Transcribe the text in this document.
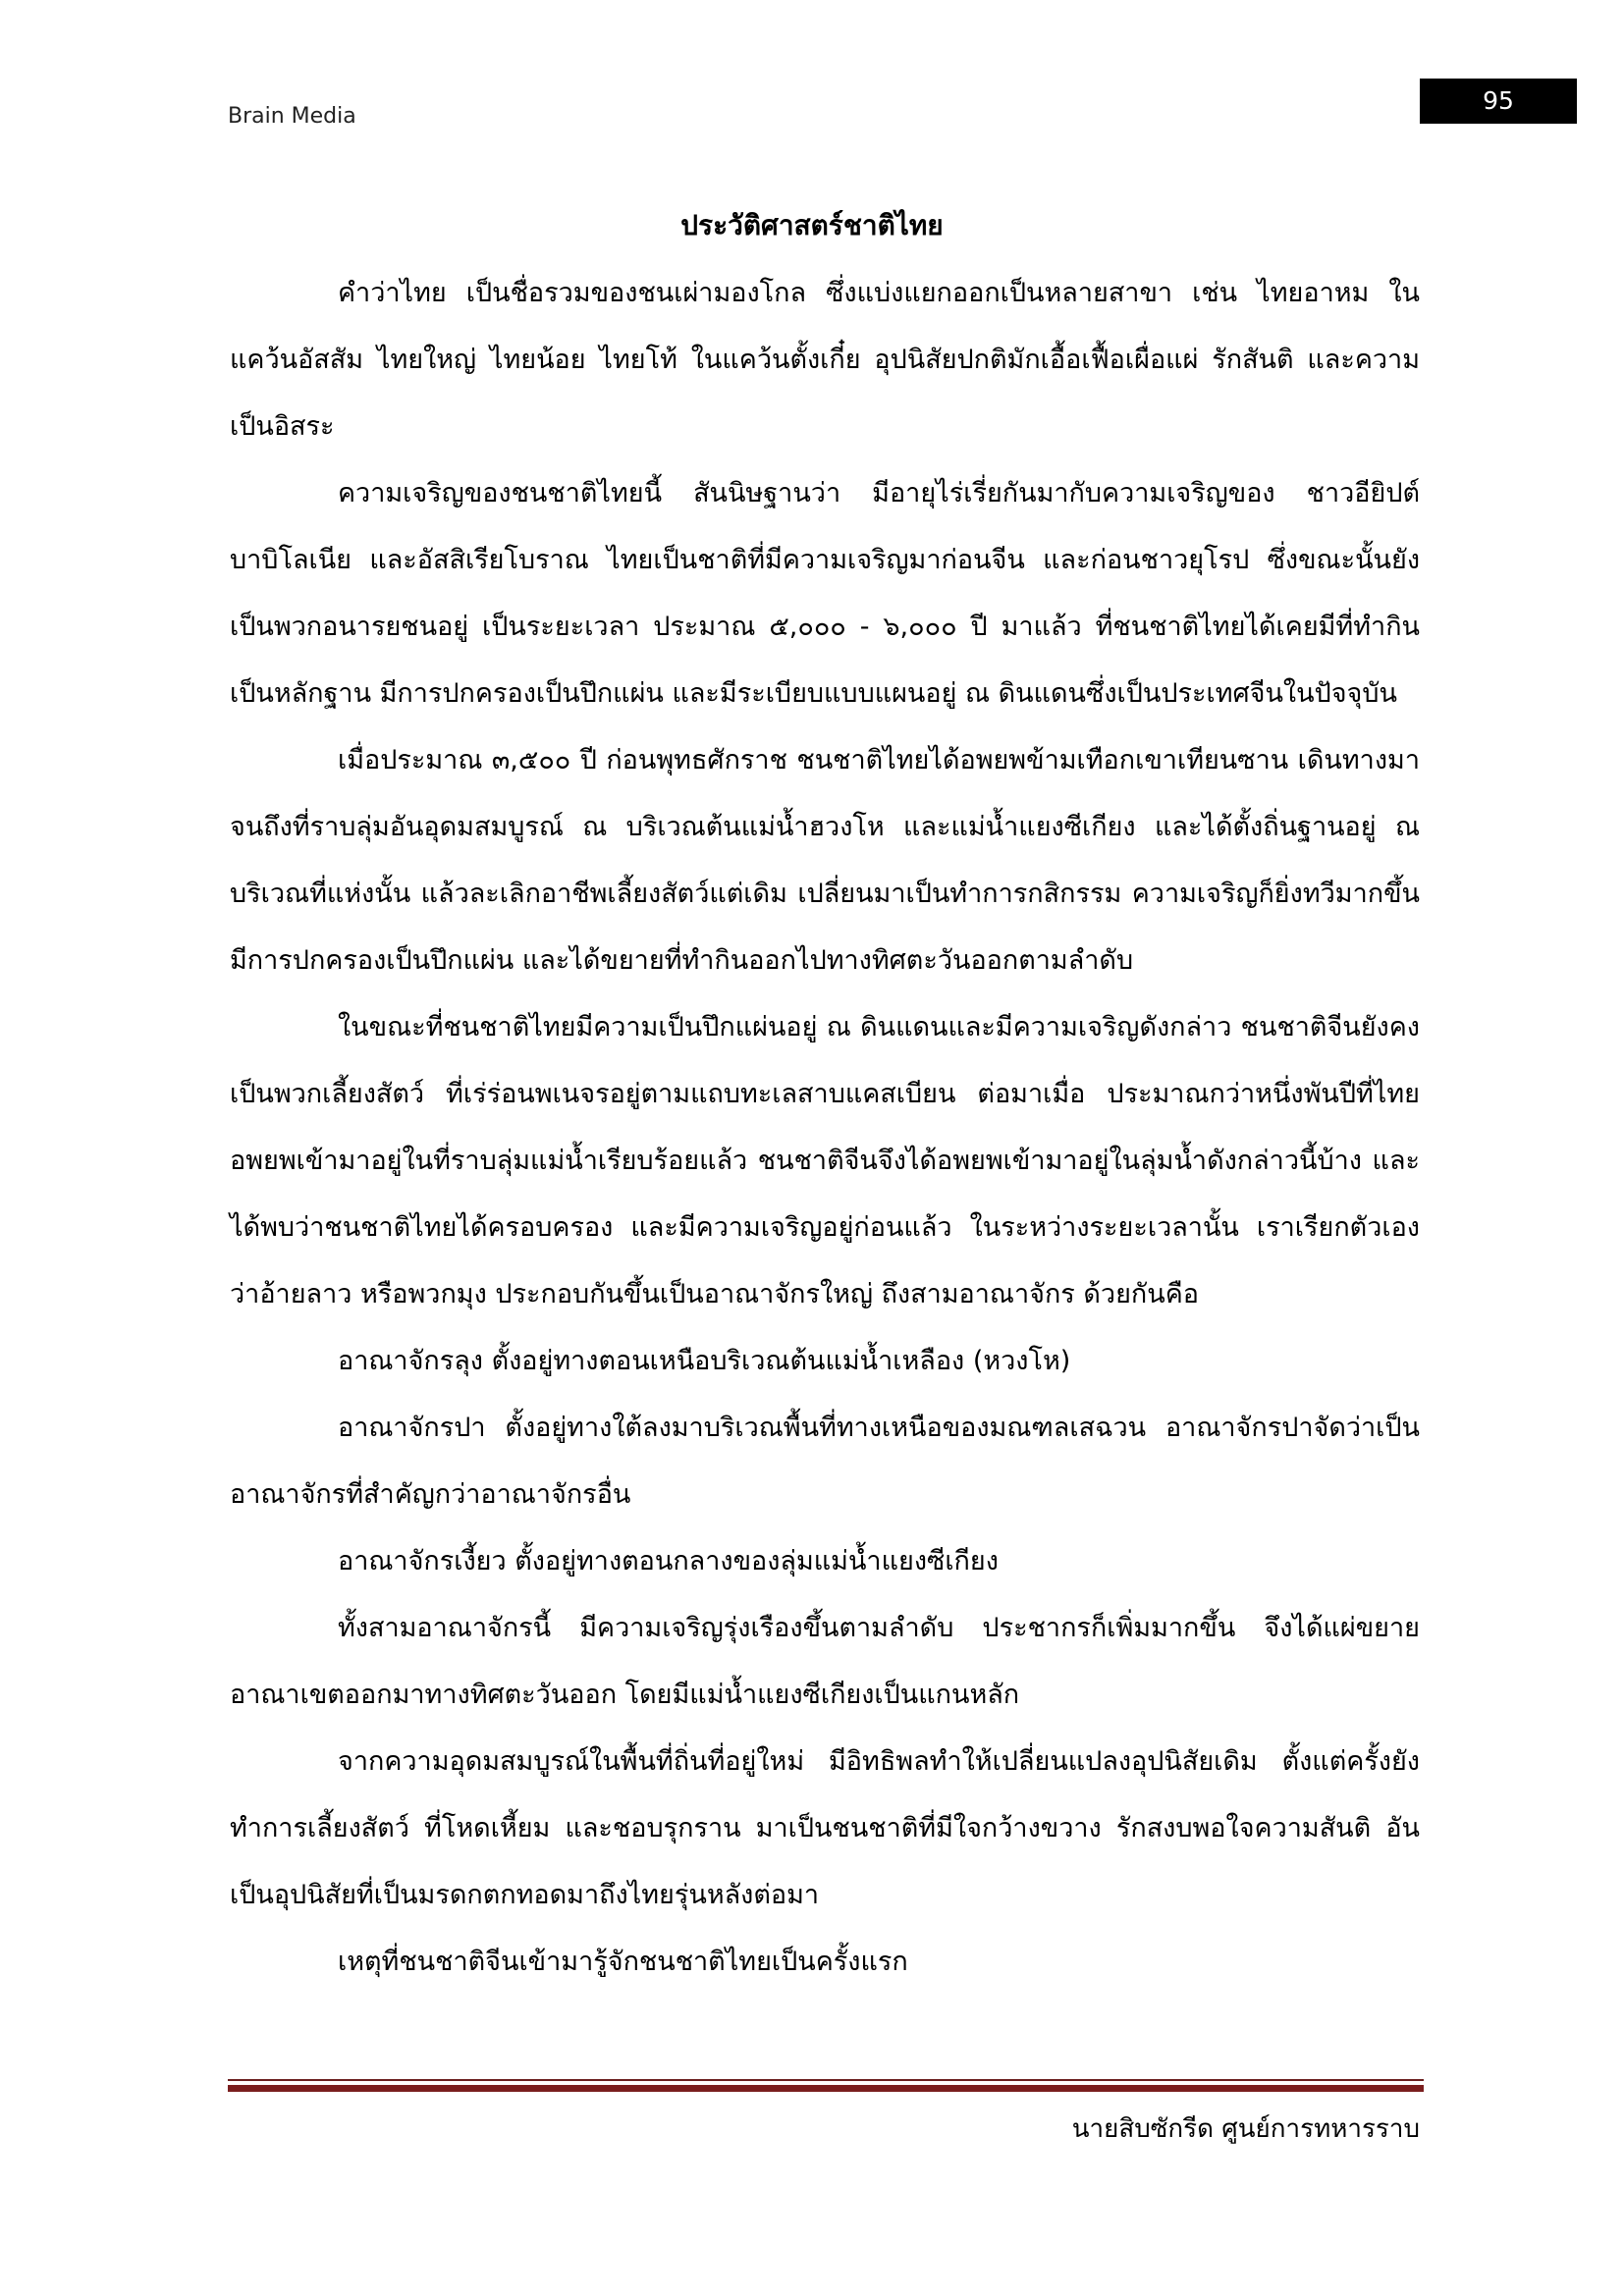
Brain Media
95
ประวัติศาสตร์ชาติไทย

คำว่าไทย เป็นชื่อรวมของชนเผ่ามองโกล ซึ่งแบ่งแยกออกเป็นหลายสาขา เช่น ไทยอาหม ในแคว้นอัสสัม ไทยใหญ่ ไทยน้อย ไทยโท้ ในแคว้นตั้งเกี๋ย อุปนิสัยปกติมักเอื้อเฟื้อเผื่อแผ่ รักสันติ และความเป็นอิสระ

ความเจริญของชนชาติไทยนี้ สันนิษฐานว่า มีอายุไร่เรี่ยกันมากับความเจริญของ ชาวอียิปต์บาบิโลเนีย และอัสสิเรียโบราณ ไทยเป็นชาติที่มีความเจริญมาก่อนจีน และก่อนชาวยุโรป ซึ่งขณะนั้นยังเป็นพวกอนารยชนอยู่ เป็นระยะเวลา ประมาณ ๕,๐๐๐ - ๖,๐๐๐ ปี มาแล้ว ที่ชนชาติไทยได้เคยมีที่ทำกินเป็นหลักฐาน มีการปกครองเป็นปึกแผ่น และมีระเบียบแบบแผนอยู่ ณ ดินแดนซึ่งเป็นประเทศจีนในปัจจุบัน

เมื่อประมาณ ๓,๕๐๐ ปี ก่อนพุทธศักราช ชนชาติไทยได้อพยพข้ามเทือกเขาเทียนซาน เดินทางมาจนถึงที่ราบลุ่มอันอุดมสมบูรณ์ ณ บริเวณต้นแม่น้ำฮวงโห และแม่น้ำแยงซีเกียง และได้ตั้งถิ่นฐานอยู่ ณ บริเวณที่แห่งนั้น แล้วละเลิกอาชีพเลี้ยงสัตว์แต่เดิม เปลี่ยนมาเป็นทำการกสิกรรม ความเจริญก็ยิ่งทวีมากขึ้น มีการปกครองเป็นปึกแผ่น และได้ขยายที่ทำกินออกไปทางทิศตะวันออกตามลำดับ

ในขณะที่ชนชาติไทยมีความเป็นปึกแผ่นอยู่ ณ ดินแดนและมีความเจริญดังกล่าว ชนชาติจีนยังคงเป็นพวกเลี้ยงสัตว์ ที่เร่ร่อนพเนจรอยู่ตามแถบทะเลสาบแคสเบียน ต่อมาเมื่อ ประมาณกว่าหนึ่งพันปีที่ไทยอพยพเข้ามาอยู่ในที่ราบลุ่มแม่น้ำเรียบร้อยแล้ว ชนชาติจีนจึงได้อพยพเข้ามาอยู่ในลุ่มน้ำดังกล่าวนี้บ้าง และได้พบว่าชนชาติไทยได้ครอบครอง และมีความเจริญอยู่ก่อนแล้ว ในระหว่างระยะเวลานั้น เราเรียกตัวเองว่าอ้ายลาว หรือพวกมุง ประกอบกันขึ้นเป็นอาณาจักรใหญ่ ถึงสามอาณาจักร ด้วยกันคือ

อาณาจักรลุง ตั้งอยู่ทางตอนเหนือบริเวณต้นแม่น้ำเหลือง (หวงโห)

อาณาจักรปา ตั้งอยู่ทางใต้ลงมาบริเวณพื้นที่ทางเหนือของมณฑลเสฉวน อาณาจักรปาจัดว่าเป็นอาณาจักรที่สำคัญกว่าอาณาจักรอื่น

อาณาจักรเงี้ยว ตั้งอยู่ทางตอนกลางของลุ่มแม่น้ำแยงซีเกียง

ทั้งสามอาณาจักรนี้ มีความเจริญรุ่งเรืองขึ้นตามลำดับ ประชากรก็เพิ่มมากขึ้น จึงได้แผ่ขยายอาณาเขตออกมาทางทิศตะวันออก โดยมีแม่น้ำแยงซีเกียงเป็นแกนหลัก

จากความอุดมสมบูรณ์ในพื้นที่ถิ่นที่อยู่ใหม่ มีอิทธิพลทำให้เปลี่ยนแปลงอุปนิสัยเดิม ตั้งแต่ครั้งยังทำการเลี้ยงสัตว์ ที่โหดเหี้ยม และชอบรุกราน มาเป็นชนชาติที่มีใจกว้างขวาง รักสงบพอใจความสันติ อันเป็นอุปนิสัยที่เป็นมรดกตกทอดมาถึงไทยรุ่นหลังต่อมา

เหตุที่ชนชาติจีนเข้ามารู้จักชนชาติไทยเป็นครั้งแรก

นายสิบซักรีด ศูนย์การทหารราบ
